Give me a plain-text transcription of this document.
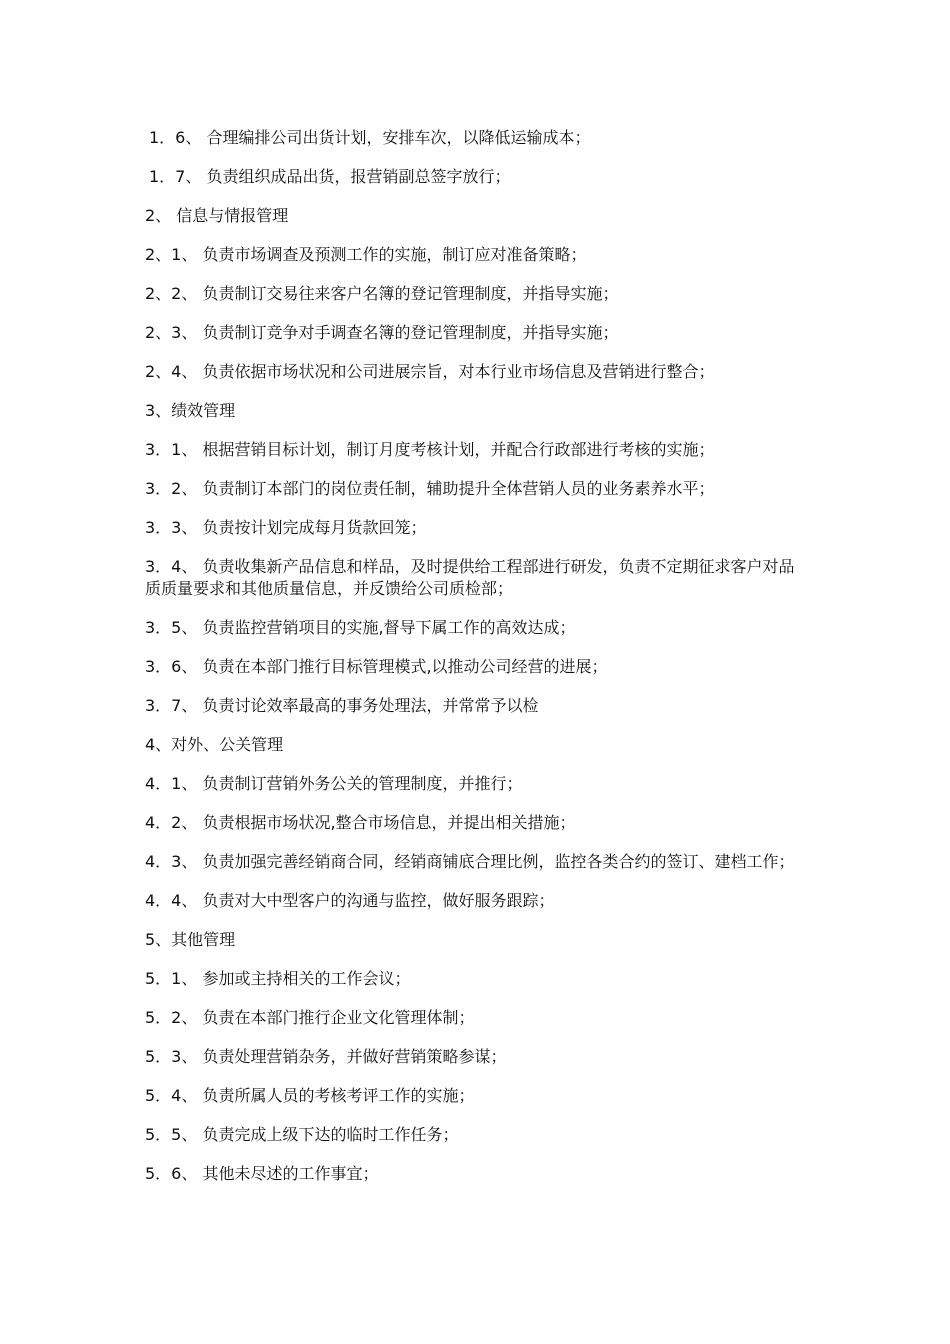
1．6、 合理编排公司出货计划，安排车次，以降低运输成本；

1．7、 负责组织成品出货，报营销副总签字放行；

2、 信息与情报管理

2、1、 负责市场调查及预测工作的实施，制订应对准备策略；

2、2、 负责制订交易往来客户名簿的登记管理制度，并指导实施；

2、3、 负责制订竞争对手调查名簿的登记管理制度，并指导实施；

2、4、 负责依据市场状况和公司进展宗旨，对本行业市场信息及营销进行整合；

3、绩效管理

3．1、 根据营销目标计划，制订月度考核计划，并配合行政部进行考核的实施；

3．2、 负责制订本部门的岗位责任制，辅助提升全体营销人员的业务素养水平；

3．3、 负责按计划完成每月货款回笼；

3．4、 负责收集新产品信息和样品，及时提供给工程部进行研发，负责不定期征求客户对品质质量要求和其他质量信息，并反馈给公司质检部；

3．5、 负责监控营销项目的实施,督导下属工作的高效达成；

3．6、 负责在本部门推行目标管理模式,以推动公司经营的进展；

3．7、 负责讨论效率最高的事务处理法，并常常予以检

4、对外、公关管理

4．1、 负责制订营销外务公关的管理制度，并推行；

4．2、 负责根据市场状况,整合市场信息，并提出相关措施；

4．3、 负责加强完善经销商合同，经销商铺底合理比例，监控各类合约的签订、建档工作；

4．4、 负责对大中型客户的沟通与监控，做好服务跟踪；

5、其他管理

5．1、 参加或主持相关的工作会议；

5．2、 负责在本部门推行企业文化管理体制；

5．3、 负责处理营销杂务，并做好营销策略参谋；

5．4、 负责所属人员的考核考评工作的实施；

5．5、 负责完成上级下达的临时工作任务；

5．6、 其他未尽述的工作事宜；
